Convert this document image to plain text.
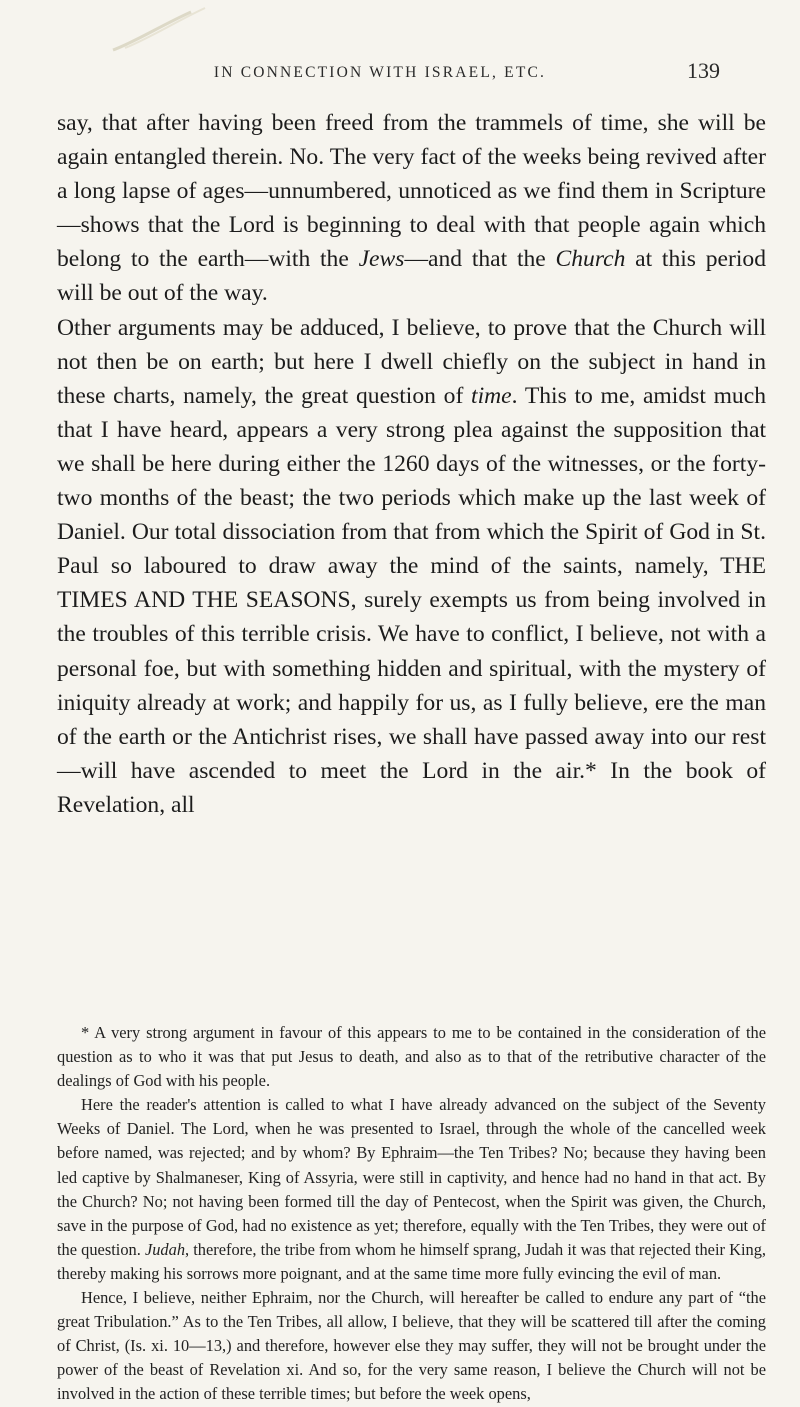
IN CONNECTION WITH ISRAEL, ETC.	139

say, that after having been freed from the trammels of time, she will be again entangled therein. No. The very fact of the weeks being revived after a long lapse of ages—unnumbered, unnoticed as we find them in Scripture—shows that the Lord is beginning to deal with that people again which belong to the earth—with the Jews—and that the Church at this period will be out of the way.

Other arguments may be adduced, I believe, to prove that the Church will not then be on earth; but here I dwell chiefly on the subject in hand in these charts, namely, the great question of time. This to me, amidst much that I have heard, appears a very strong plea against the supposition that we shall be here during either the 1260 days of the witnesses, or the forty-two months of the beast; the two periods which make up the last week of Daniel. Our total dissociation from that from which the Spirit of God in St. Paul so laboured to draw away the mind of the saints, namely, THE TIMES AND THE SEASONS, surely exempts us from being involved in the troubles of this terrible crisis. We have to conflict, I believe, not with a personal foe, but with something hidden and spiritual, with the mystery of iniquity already at work; and happily for us, as I fully believe, ere the man of the earth or the Antichrist rises, we shall have passed away into our rest—will have ascended to meet the Lord in the air.* In the book of Revelation, all

* A very strong argument in favour of this appears to me to be contained in the consideration of the question as to who it was that put Jesus to death, and also as to that of the retributive character of the dealings of God with his people.

Here the reader's attention is called to what I have already advanced on the subject of the Seventy Weeks of Daniel. The Lord, when he was presented to Israel, through the whole of the cancelled week before named, was rejected; and by whom? By Ephraim—the Ten Tribes? No; because they having been led captive by Shalmaneser, King of Assyria, were still in captivity, and hence had no hand in that act. By the Church? No; not having been formed till the day of Pentecost, when the Spirit was given, the Church, save in the purpose of God, had no existence as yet; therefore, equally with the Ten Tribes, they were out of the question. Judah, therefore, the tribe from whom he himself sprang, Judah it was that rejected their King, thereby making his sorrows more poignant, and at the same time more fully evincing the evil of man.

Hence, I believe, neither Ephraim, nor the Church, will hereafter be called to endure any part of “the great Tribulation.” As to the Ten Tribes, all allow, I believe, that they will be scattered till after the coming of Christ, (Is. xi. 10—13,) and therefore, however else they may suffer, they will not be brought under the power of the beast of Revelation xi. And so, for the very same reason, I believe the Church will not be involved in the action of these terrible times; but before the week opens,
